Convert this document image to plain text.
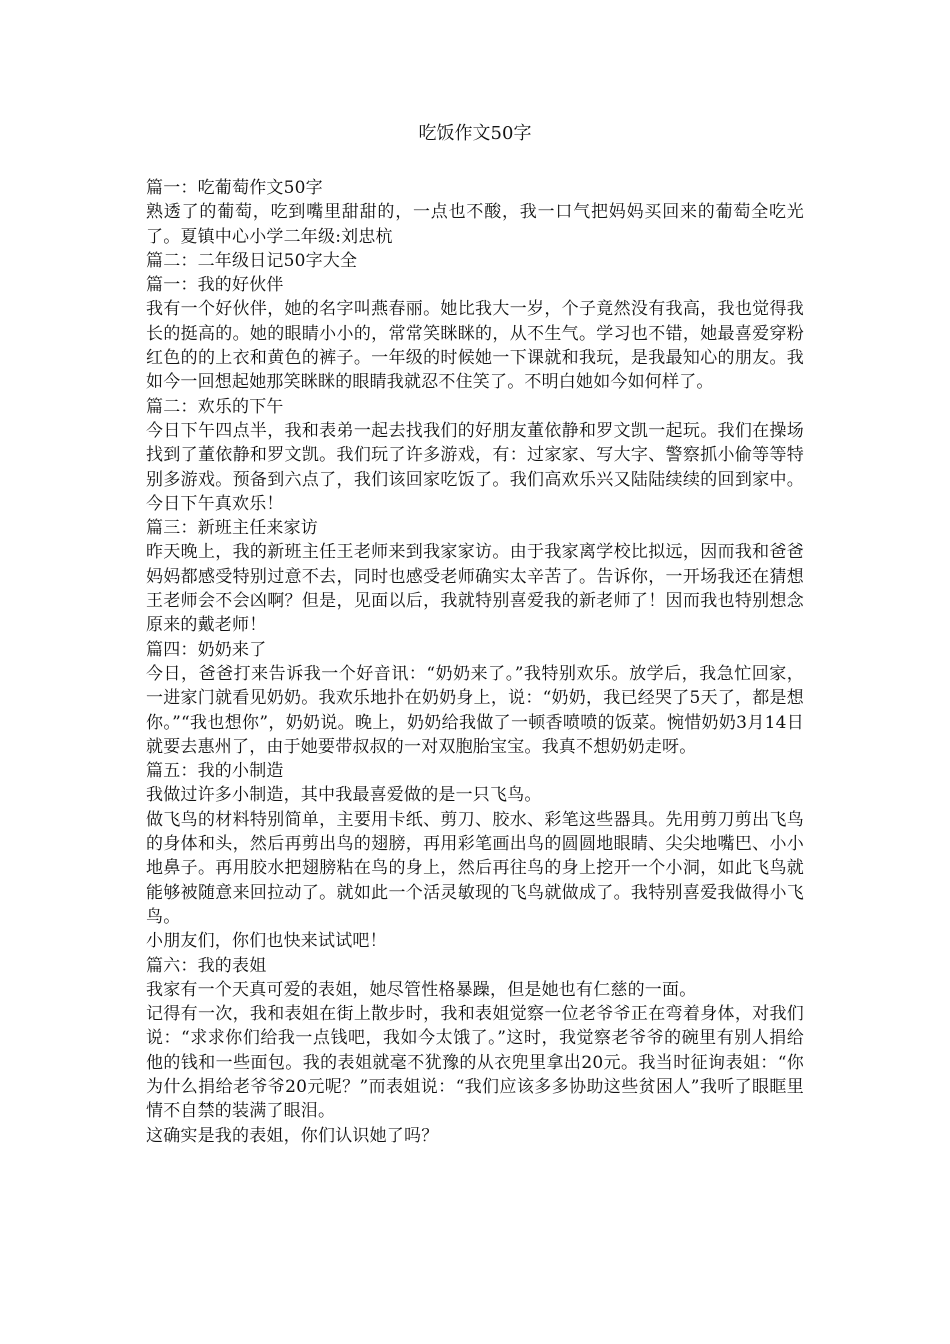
吃饭作文50字

篇一：吃葡萄作文50字

熟透了的葡萄，吃到嘴里甜甜的，一点也不酸，我一口气把妈妈买回来的葡萄全吃光了。夏镇中心小学二年级:刘忠杭

篇二：二年级日记50字大全

篇一：我的好伙伴

我有一个好伙伴，她的名字叫燕春丽。她比我大一岁，个子竟然没有我高，我也觉得我长的挺高的。她的眼睛小小的，常常笑眯眯的，从不生气。学习也不错，她最喜爱穿粉红色的的上衣和黄色的裤子。一年级的时候她一下课就和我玩，是我最知心的朋友。我如今一回想起她那笑眯眯的眼睛我就忍不住笑了。不明白她如今如何样了。

篇二：欢乐的下午

今日下午四点半，我和表弟一起去找我们的好朋友董依静和罗文凯一起玩。我们在操场找到了董依静和罗文凯。我们玩了许多游戏，有：过家家、写大字、警察抓小偷等等特别多游戏。预备到六点了，我们该回家吃饭了。我们高欢乐兴又陆陆续续的回到家中。今日下午真欢乐！

篇三：新班主任来家访

昨天晚上，我的新班主任王老师来到我家家访。由于我家离学校比拟远，因而我和爸爸妈妈都感受特别过意不去，同时也感受老师确实太辛苦了。告诉你，一开场我还在猜想王老师会不会凶啊？但是，见面以后，我就特别喜爱我的新老师了！因而我也特别想念原来的戴老师！

篇四：奶奶来了

今日，爸爸打来告诉我一个好音讯：“奶奶来了。”我特别欢乐。放学后，我急忙回家，一进家门就看见奶奶。我欢乐地扑在奶奶身上，说：“奶奶，我已经哭了5天了，都是想你。”“我也想你”，奶奶说。晚上，奶奶给我做了一顿香喷喷的饭菜。惋惜奶奶3月14日就要去惠州了，由于她要带叔叔的一对双胞胎宝宝。我真不想奶奶走呀。

篇五：我的小制造

我做过许多小制造，其中我最喜爱做的是一只飞鸟。

做飞鸟的材料特别简单，主要用卡纸、剪刀、胶水、彩笔这些器具。先用剪刀剪出飞鸟的身体和头，然后再剪出鸟的翅膀，再用彩笔画出鸟的圆圆地眼睛、尖尖地嘴巴、小小地鼻子。再用胶水把翅膀粘在鸟的身上，然后再往鸟的身上挖开一个小洞，如此飞鸟就能够被随意来回拉动了。就如此一个活灵敏现的飞鸟就做成了。我特别喜爱我做得小飞鸟。

小朋友们，你们也快来试试吧！

篇六：我的表姐

我家有一个天真可爱的表姐，她尽管性格暴躁，但是她也有仁慈的一面。

记得有一次，我和表姐在街上散步时，我和表姐觉察一位老爷爷正在弯着身体，对我们说：“求求你们给我一点钱吧，我如今太饿了。”这时，我觉察老爷爷的碗里有别人捐给他的钱和一些面包。我的表姐就毫不犹豫的从衣兜里拿出20元。我当时征询表姐：“你为什么捐给老爷爷20元呢？”而表姐说：“我们应该多多协助这些贫困人”我听了眼眶里情不自禁的装满了眼泪。

这确实是我的表姐，你们认识她了吗？
